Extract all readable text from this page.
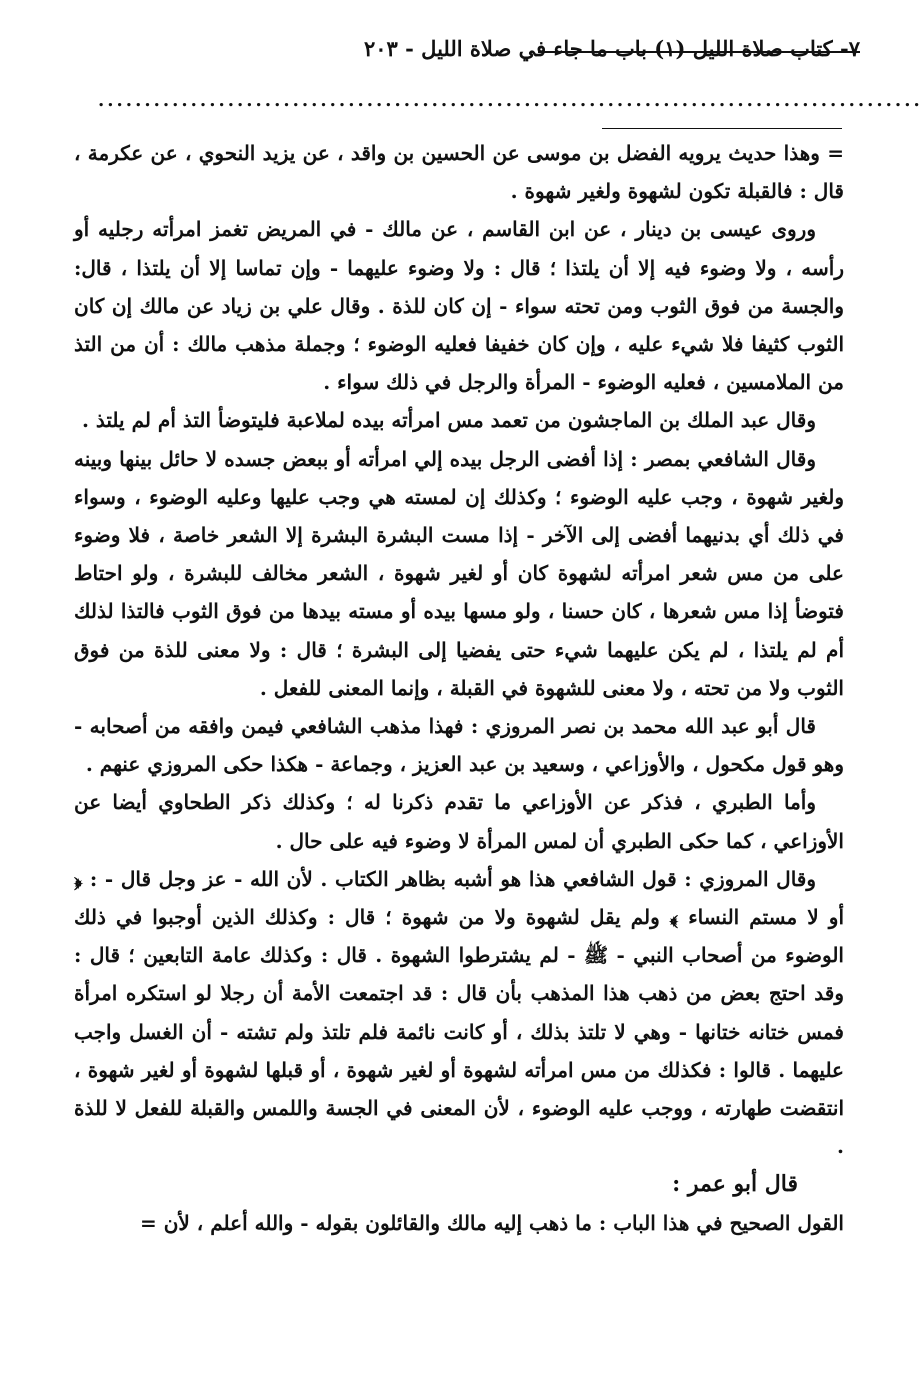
٧- كتاب صلاة الليل (١) باب ما جاء في صلاة الليل - ٢٠٣
.........................................................................................

= وهذا حديث يرويه الفضل بن موسى عن الحسين بن واقد ، عن يزيد النحوي ، عن عكرمة ، قال : فالقبلة تكون لشهوة ولغير شهوة .

وروى عيسى بن دينار ، عن ابن القاسم ، عن مالك - في المريض تغمز امرأته رجليه أو رأسه ، ولا وضوء فيه إلا أن يلتذا ؛ قال : ولا وضوء عليهما - وإن تماسا إلا أن يلتذا ، قال: والجسة من فوق الثوب ومن تحته سواء - إن كان للذة . وقال علي بن زياد عن مالك إن كان الثوب كثيفا فلا شيء عليه ، وإن كان خفيفا فعليه الوضوء ؛ وجملة مذهب مالك : أن من التذ من الملامسين ، فعليه الوضوء - المرأة والرجل في ذلك سواء .

وقال عبد الملك بن الماجشون من تعمد مس امرأته بيده لملاعبة فليتوضأ التذ أم لم يلتذ .

وقال الشافعي بمصر : إذا أفضى الرجل بيده إلي امرأته أو ببعض جسده لا حائل بينها وبينه ولغير شهوة ، وجب عليه الوضوء ؛ وكذلك إن لمسته هي وجب عليها وعليه الوضوء ، وسواء في ذلك أي بدنيهما أفضى إلى الآخر - إذا مست البشرة البشرة إلا الشعر خاصة ، فلا وضوء على من مس شعر امرأته لشهوة كان أو لغير شهوة ، الشعر مخالف للبشرة ، ولو احتاط فتوضأ إذا مس شعرها ، كان حسنا ، ولو مسها بيده أو مسته بيدها من فوق الثوب فالتذا لذلك أم لم يلتذا ، لم يكن عليهما شيء حتى يفضيا إلى البشرة ؛ قال : ولا معنى للذة من فوق الثوب ولا من تحته ، ولا معنى للشهوة في القبلة ، وإنما المعنى للفعل .

قال أبو عبد الله محمد بن نصر المروزي : فهذا مذهب الشافعي فيمن وافقه من أصحابه - وهو قول مكحول ، والأوزاعي ، وسعيد بن عبد العزيز ، وجماعة - هكذا حكى المروزي عنهم .

وأما الطبري ، فذكر عن الأوزاعي ما تقدم ذكرنا له ؛ وكذلك ذكر الطحاوي أيضا عن الأوزاعي ، كما حكى الطبري أن لمس المرأة لا وضوء فيه على حال .

وقال المروزي : قول الشافعي هذا هو أشبه بظاهر الكتاب . لأن الله - عز وجل قال - : ﴿ أو لا مستم النساء ﴾ ولم يقل لشهوة ولا من شهوة ؛ قال : وكذلك الذين أوجبوا في ذلك الوضوء من أصحاب النبي - ﷺ - لم يشترطوا الشهوة . قال : وكذلك عامة التابعين ؛ قال : وقد احتج بعض من ذهب هذا المذهب بأن قال : قد اجتمعت الأمة أن رجلا لو استكره امرأة فمس ختانه ختانها - وهي لا تلتذ بذلك ، أو كانت نائمة فلم تلتذ ولم تشته - أن الغسل واجب عليهما . قالوا : فكذلك من مس امرأته لشهوة أو لغير شهوة ، أو قبلها لشهوة أو لغير شهوة ، انتقضت طهارته ، ووجب عليه الوضوء ، لأن المعنى في الجسة واللمس والقبلة للفعل لا للذة .

قال أبو عمر :

القول الصحيح في هذا الباب : ما ذهب إليه مالك والقائلون بقوله - والله أعلم ، لأن =
